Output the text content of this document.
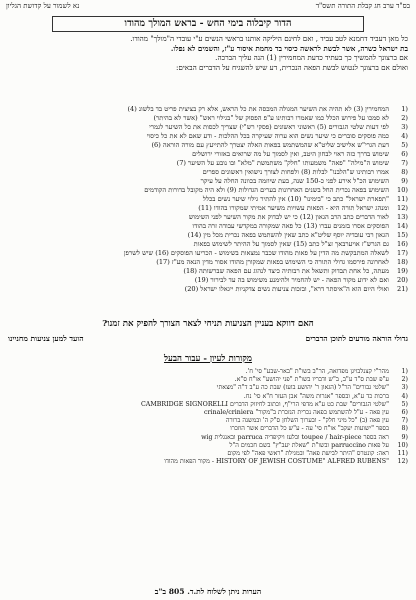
בס"ד ערב חג קבלת התורה תשס"ד
נא לשמור על קדושת הגליון
הדור קיבלוה בימי החש - בראש המולך מהודו

כל מאן דעביד דחמנא לטב עביד , ואם לחינם היליקה אותנו בראשי הנשים ע"י עובדי ה"מולך" מהודו.

בת ישראל כשרה, אשר לבשת לראשה כיסוי בד מחמת איסור ע"ז, והשמים לא נפלו.

אם ברצונך להמשיך כך בעתיד כדעת המחמירין (1) הנה עליך הברכה.

ואולם אם ברצונך לנטוש לבשת הפאה הנכרית, דע שיש להשגיח על הדברים הבאים:

(1
המחמירין (3) לא תהיה את השיער המגולה המכסה את כל הראש, אלא רק בציצית פריט בד בלשונ (4)
(2
לא סמכו על פירוש הכלל כמו שאמרו רבותינו ע"פ הפסוק של "בגילוי ראש" (אשר לא בהיתר)
(3
לפי דעות שלטי הגבורים (5) ראשוני ראשונים (פסקי רש"י) שצריך לכסות את כל השיער לגמרי
(4
כמה פוסקים סוברים כי שיער נשים הוא ערוה שעיקרה בכל ההלכות - ודע שאם לא את כל כיסוי
(5
דעת הגרי"ש אלישיב שליט"א שהמשתמש בפאות האלה יצטרך להתייעץ עם מורה הוראה (6)
(6
שימוש בדרך כזה ראוי לבחון היטב, ואין לסמוך על מה שרואים באזורי ירושלים
(7
שימוש ה"מילה" "פאה" משמעותו "חלק" משתמשת "מלא" ובו נובע על השיער (7)
(8
אמרו רבותינו ש"הלבנו" לבלות (8) ולפחות לצורך נישואין ראשונים ספרים
(9
השימוש הכ"ל אירע לפני כ-150 שנה, בעת שיוזמה בכוונה החלה על עיקר
(10
השימוש בפאה נכרית החל בשנים האחרונות בערים הגדולות (9) ולא היה מקובל בדורות הקודמים
(11
"תפארת ישראל" כתב כי "בימינו" (10) אין להתיר גילוי שיער נשים בכלל
(12
ומנהג ישראל תורה היא - הפאות עשויות משיער אמיתי שמקורו בהודו (11)
(13
לאור הדברים כתב הרב הגאון (12) כי יש לבדוק את מקור השיער לפני השימוש
(14
הפוסקים אסרו בזמנים עברו (13) כל פאה שמקורה במקדשי עבודה זרה בהודו
(15
הגאון רבי עובדיה יוסף שליט"א כתב שאין להשתמש בפאה נכרית מכל מין (14)
(16
גם הגרש"ז אויערבאך זצ"ל כתב (15) שאין לסמוך על ההיתר לשימוש בפאות
(17
לשאלה המתבקשת מה הדין על פאות מהודו שכבר נמצאות בשימוש - הכריעו הפוסקים (16) שיש לשרפן
(18
לאחרונה פירסמו גדולי התורה כי השימוש בפאות שמקורן מהודו אסור מדין הנאה מע"ז (17)
(19
מעתה, כל אחת תבדוק ותשאל את רבותיה כיצד לנהוג עם הפאה שברשותה (18)
(20
ואם לא ידוע מקור הפאה - יש להחמיר ולהימנע משימוש בה עד לבירור (19)
(21
ואולי היום הוא ה"איסתר דרא", ובזכות צניעות נשים צדקניות ייגאלו ישראל (20)
האם דווקא בעניין הצניעות תניחי לצאר הצורך להפיק את זמנו?
גדולי הוראה מודעים לתוכן הדברים
הועד למען צניעות מחניינו
מקורות לעיון - עבור הבעל
(1
מהר"י קצנלבויגן מפדואה, הר"ב בשו"ת "באר-שבע" סי' ח'.
(2
ע"פ שבת ס"ד ע"ב, ב"ש ודבריו בשו"ת "פני יהושע" או"ח ס"א.
(3
"שלטי גבורים" הר"ל (הגאון ר' יהושע בועז) שבת כה ע"ב ד"ה "מצאתי
(4
ברכות כד ע"א, ובספר "אגרות משה" אבן העזר ח"א סי' נח.
(5
"שלטי הגבורים" שבת כט ע"א מדפי הרי"ף, וכתוב לחיזוק הדברים CAMBRIDGE SIGNORELLI
(6
עין פאה - ע"ל להשתמש בפאה נכרית הנזכרת ב"מקור" crinale/criniera
(7
עין פאה (ב) "כל מיני חלק" - ובערוך השלחן ס"ק ה' ובמשנה ברורה
(8
בספר "ישועות יעקב" או"ח סי' עה - ע"ש כל הדברים אשר הוזכרו
(9
ראה בספר toupee / hair-piece ובלעז ויקיפדיה parruca ובאנגלית wig
(10
על פאות parruccino ובשו"ת "שאלת יעב"ץ" בשם חכמים ה"ל
(11
ראה: קונטרס "היתר לבישת פאה" ובמגילת "ראשי פאה" לפי מקום
(12
"HISTORY OF JEWISH COSTUME" ALFRED RUBENS - מקור הפאות מהודו
הערות ניתן לשלוח לת.ד. 805 ב"ב
